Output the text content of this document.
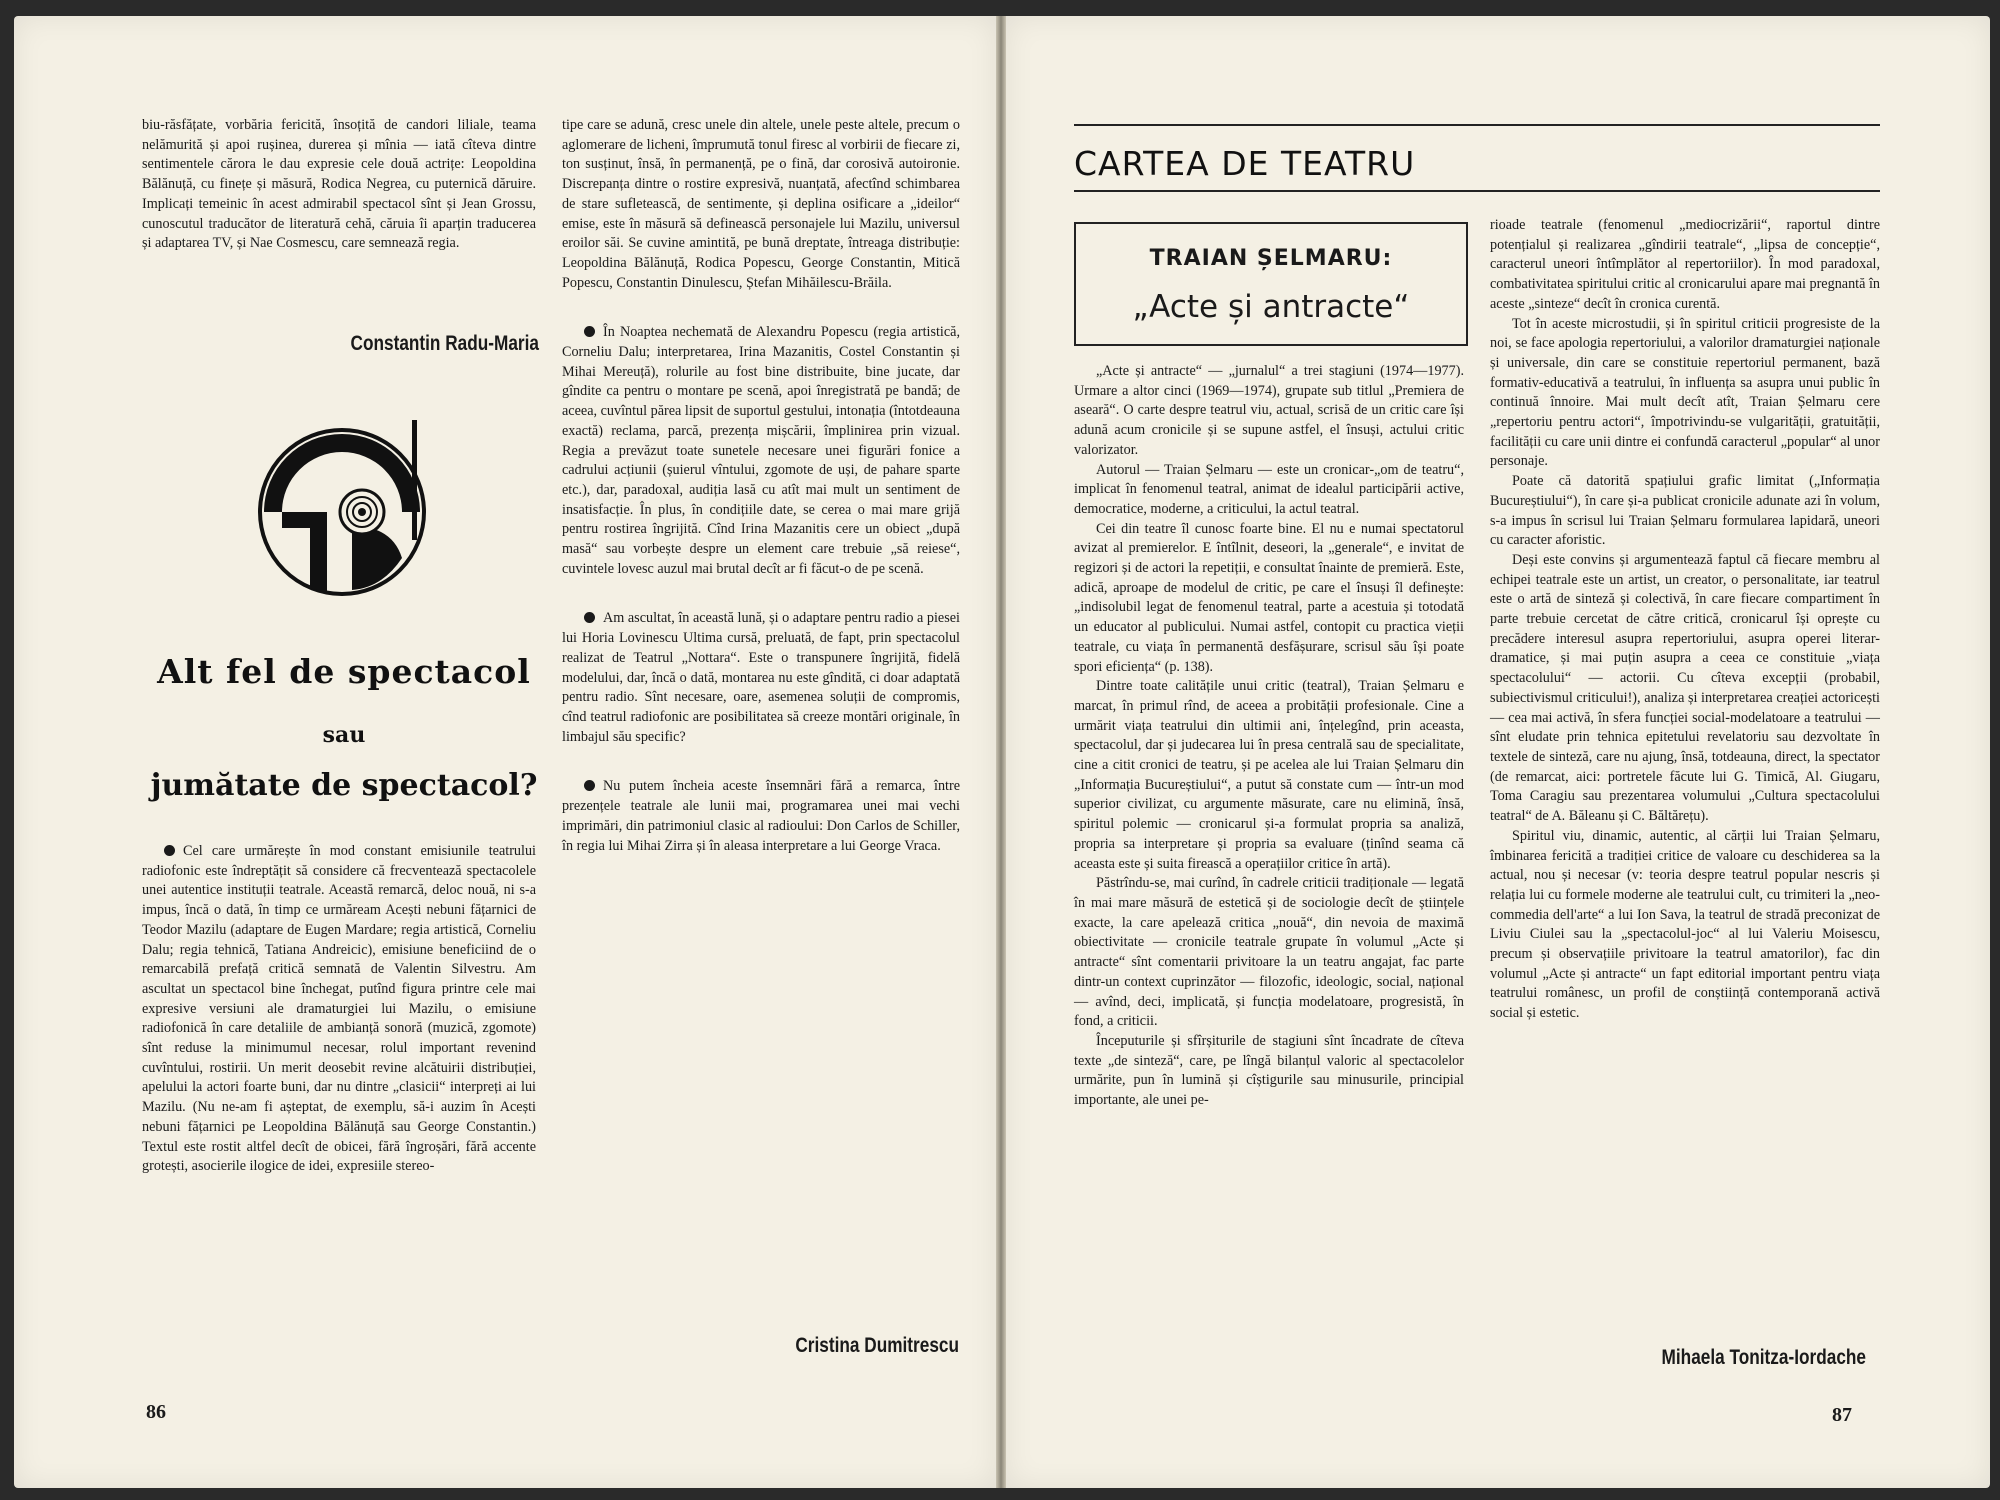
biu-răsfățate, vorbăria fericită, însoțită de candori liliale, teama nelămurită și apoi rușinea, durerea și mînia — iată cîteva dintre sentimentele cărora le dau expresie cele două actrițe: Leopoldina Bălănuță, cu finețe și măsură, Rodica Negrea, cu puternică dăruire. Implicați temeinic în acest admirabil spectacol sînt și Jean Grossu, cunoscutul traducător de literatură cehă, căruia îi aparțin traducerea și adaptarea TV, și Nae Cosmescu, care semnează regia.

Constantin Radu-Maria
Alt fel de spectacol
sau
jumătate de spectacol?

Cel care urmărește în mod constant emisiunile teatrului radiofonic este îndreptățit să considere că frecventează spectacolele unei autentice instituții teatrale. Această remarcă, deloc nouă, ni s-a impus, încă o dată, în timp ce urmăream Acești nebuni fățarnici de Teodor Mazilu (adaptare de Eugen Mardare; regia artistică, Corneliu Dalu; regia tehnică, Tatiana Andreicic), emisiune beneficiind de o remarcabilă prefață critică semnată de Valentin Silvestru. Am ascultat un spectacol bine închegat, putînd figura printre cele mai expresive versiuni ale dramaturgiei lui Mazilu, o emisiune radiofonică în care detaliile de ambianță sonoră (muzică, zgomote) sînt reduse la minimumul necesar, rolul important revenind cuvîntului, rostirii. Un merit deosebit revine alcătuirii distribuției, apelului la actori foarte buni, dar nu dintre „clasicii“ interpreți ai lui Mazilu. (Nu ne-am fi așteptat, de exemplu, să-i auzim în Acești nebuni fățarnici pe Leopoldina Bălănuță sau George Constantin.) Textul este rostit altfel decît de obicei, fără îngroșări, fără accente grotești, asocierile ilogice de idei, expresiile stereo-

tipe care se adună, cresc unele din altele, unele peste altele, precum o aglomerare de licheni, împrumută tonul firesc al vorbirii de fiecare zi, ton susținut, însă, în permanență, pe o fină, dar corosivă autoironie. Discrepanța dintre o rostire expresivă, nuanțată, afectînd schimbarea de stare sufletească, de sentimente, și deplina osificare a „ideilor“ emise, este în măsură să definească personajele lui Mazilu, universul eroilor săi. Se cuvine amintită, pe bună dreptate, întreaga distribuție: Leopoldina Bălănuță, Rodica Popescu, George Constantin, Mitică Popescu, Constantin Dinulescu, Ștefan Mihăilescu-Brăila.

În Noaptea nechemată de Alexandru Popescu (regia artistică, Corneliu Dalu; interpretarea, Irina Mazanitis, Costel Constantin și Mihai Mereuță), rolurile au fost bine distribuite, bine jucate, dar gîndite ca pentru o montare pe scenă, apoi înregistrată pe bandă; de aceea, cuvîntul părea lipsit de suportul gestului, intonația (întotdeauna exactă) reclama, parcă, prezența mișcării, împlinirea prin vizual. Regia a prevăzut toate sunetele necesare unei figurări fonice a cadrului acțiunii (șuierul vîntului, zgomote de uși, de pahare sparte etc.), dar, paradoxal, audiția lasă cu atît mai mult un sentiment de insatisfacție. În plus, în condițiile date, se cerea o mai mare grijă pentru rostirea îngrijită. Cînd Irina Mazanitis cere un obiect „după masă“ sau vorbește despre un element care trebuie „să reiese“, cuvintele lovesc auzul mai brutal decît ar fi făcut-o de pe scenă.

Am ascultat, în această lună, și o adaptare pentru radio a piesei lui Horia Lovinescu Ultima cursă, preluată, de fapt, prin spectacolul realizat de Teatrul „Nottara“. Este o transpunere îngrijită, fidelă modelului, dar, încă o dată, montarea nu este gîndită, ci doar adaptată pentru radio. Sînt necesare, oare, asemenea soluții de compromis, cînd teatrul radiofonic are posibilitatea să creeze montări originale, în limbajul său specific?

Nu putem încheia aceste însemnări fără a remarca, între prezențele teatrale ale lunii mai, programarea unei mai vechi imprimări, din patrimoniul clasic al radioului: Don Carlos de Schiller, în regia lui Mihai Zirra și în aleasa interpretare a lui George Vraca.

Cristina Dumitrescu
86
CARTEA DE TEATRU
TRAIAN ȘELMARU:
„Acte și antracte“

„Acte și antracte“ — „jurnalul“ a trei stagiuni (1974—1977). Urmare a altor cinci (1969—1974), grupate sub titlul „Premiera de aseară“. O carte despre teatrul viu, actual, scrisă de un critic care își adună acum cronicile și se supune astfel, el însuși, actului critic valorizator.

Autorul — Traian Șelmaru — este un cronicar-„om de teatru“, implicat în fenomenul teatral, animat de idealul participării active, democratice, moderne, a criticului, la actul teatral.

Cei din teatre îl cunosc foarte bine. El nu e numai spectatorul avizat al premierelor. E întîlnit, deseori, la „generale“, e invitat de regizori și de actori la repetiții, e consultat înainte de premieră. Este, adică, aproape de modelul de critic, pe care el însuși îl definește: „indisolubil legat de fenomenul teatral, parte a acestuia și totodată un educator al publicului. Numai astfel, contopit cu practica vieții teatrale, cu viața în permanentă desfășurare, scrisul său își poate spori eficiența“ (p. 138).

Dintre toate calitățile unui critic (teatral), Traian Șelmaru e marcat, în primul rînd, de aceea a probității profesionale. Cine a urmărit viața teatrului din ultimii ani, înțelegînd, prin aceasta, spectacolul, dar și judecarea lui în presa centrală sau de specialitate, cine a citit cronici de teatru, și pe acelea ale lui Traian Șelmaru din „Informația Bucureștiului“, a putut să constate cum — într-un mod superior civilizat, cu argumente măsurate, care nu elimină, însă, spiritul polemic — cronicarul și-a formulat propria sa analiză, propria sa interpretare și propria sa evaluare (ținînd seama că aceasta este și suita firească a operațiilor critice în artă).

Păstrîndu-se, mai curînd, în cadrele criticii tradiționale — legată în mai mare măsură de estetică și de sociologie decît de științele exacte, la care apelează critica „nouă“, din nevoia de maximă obiectivitate — cronicile teatrale grupate în volumul „Acte și antracte“ sînt comentarii privitoare la un teatru angajat, fac parte dintr-un context cuprinzător — filozofic, ideologic, social, național — avînd, deci, implicată, și funcția modelatoare, progresistă, în fond, a criticii.

Începuturile și sfîrșiturile de stagiuni sînt încadrate de cîteva texte „de sinteză“, care, pe lîngă bilanțul valoric al spectacolelor urmărite, pun în lumină și cîștigurile sau minusurile, principial importante, ale unei pe-

rioade teatrale (fenomenul „mediocrizării“, raportul dintre potențialul și realizarea „gîndirii teatrale“, „lipsa de concepție“, caracterul uneori întîmplător al repertoriilor). În mod paradoxal, combativitatea spiritului critic al cronicarului apare mai pregnantă în aceste „sinteze“ decît în cronica curentă.

Tot în aceste microstudii, și în spiritul criticii progresiste de la noi, se face apologia repertoriului, a valorilor dramaturgiei naționale și universale, din care se constituie repertoriul permanent, bază formativ-educativă a teatrului, în influența sa asupra unui public în continuă înnoire. Mai mult decît atît, Traian Șelmaru cere „repertoriu pentru actori“, împotrivindu-se vulgarității, gratuității, facilității cu care unii dintre ei confundă caracterul „popular“ al unor personaje.

Poate că datorită spațiului grafic limitat („Informația Bucureștiului“), în care și-a publicat cronicile adunate azi în volum, s-a impus în scrisul lui Traian Șelmaru formularea lapidară, uneori cu caracter aforistic.

Deși este convins și argumentează faptul că fiecare membru al echipei teatrale este un artist, un creator, o personalitate, iar teatrul este o artă de sinteză și colectivă, în care fiecare compartiment în parte trebuie cercetat de către critică, cronicarul își oprește cu precădere interesul asupra repertoriului, asupra operei literar-dramatice, și mai puțin asupra a ceea ce constituie „viața spectacolului“ — actorii. Cu cîteva excepții (probabil, subiectivismul criticului!), analiza și interpretarea creației actoricești — cea mai activă, în sfera funcției social-modelatoare a teatrului — sînt eludate prin tehnica epitetului revelatoriu sau dezvoltate în textele de sinteză, care nu ajung, însă, totdeauna, direct, la spectator (de remarcat, aici: portretele făcute lui G. Timică, Al. Giugaru, Toma Caragiu sau prezentarea volumului „Cultura spectacolului teatral“ de A. Băleanu și C. Băltărețu).

Spiritul viu, dinamic, autentic, al cărții lui Traian Șelmaru, îmbinarea fericită a tradiției critice de valoare cu deschiderea sa la actual, nou și necesar (v: teoria despre teatrul popular nescris și relația lui cu formele moderne ale teatrului cult, cu trimiteri la „neo-commedia dell'arte“ a lui Ion Sava, la teatrul de stradă preconizat de Liviu Ciulei sau la „spectacolul-joc“ al lui Valeriu Moisescu, precum și observațiile privitoare la teatrul amatorilor), fac din volumul „Acte și antracte“ un fapt editorial important pentru viața teatrului românesc, un profil de conștiință contemporană activă social și estetic.

Mihaela Tonitza-Iordache
87
